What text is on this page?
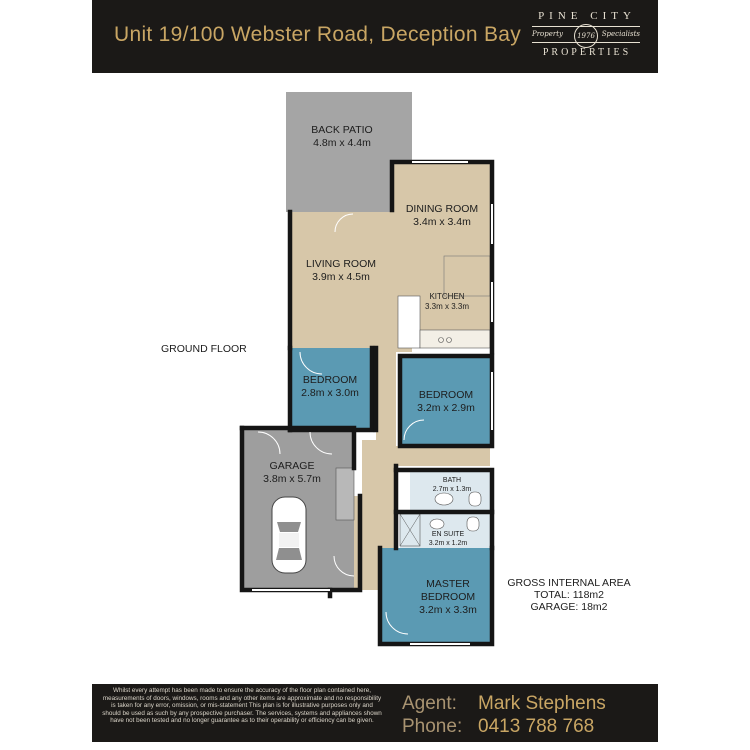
Unit 19/100 Webster Road, Deception Bay
PINE CITY
Property	Specialists
1976
PROPERTIES
BACK PATIO
4.8m x 4.4m
DINING ROOM
3.4m x 3.4m
LIVING ROOM
3.9m x 4.5m
KITCHEN
3.3m x 3.3m
BEDROOM
2.8m x 3.0m	BEDROOM
3.2m x 2.9m
GARAGE
3.8m x 5.7m	BATH
2.7m x 1.3m
EN SUITE
3.2m x 1.2m
MASTER
BEDROOM
3.2m x 3.3m
GROUND FLOOR
GROSS INTERNAL AREA
TOTAL: 118m2
GARAGE: 18m2
Whilst every attempt has been made to ensure the accuracy of the floor plan contained here, measurements of doors, windows, rooms and any other items are approximate and no responsibility is taken for any error, omission, or mis-statement This plan is for illustrative purposes only and should be used as such by any prospective purchaser. The services, systems and appliances shown have not been tested and no longer guarantee as to their operability or efficiency can be given.
Agent: Mark Stephens
Phone: 0413 788 768
